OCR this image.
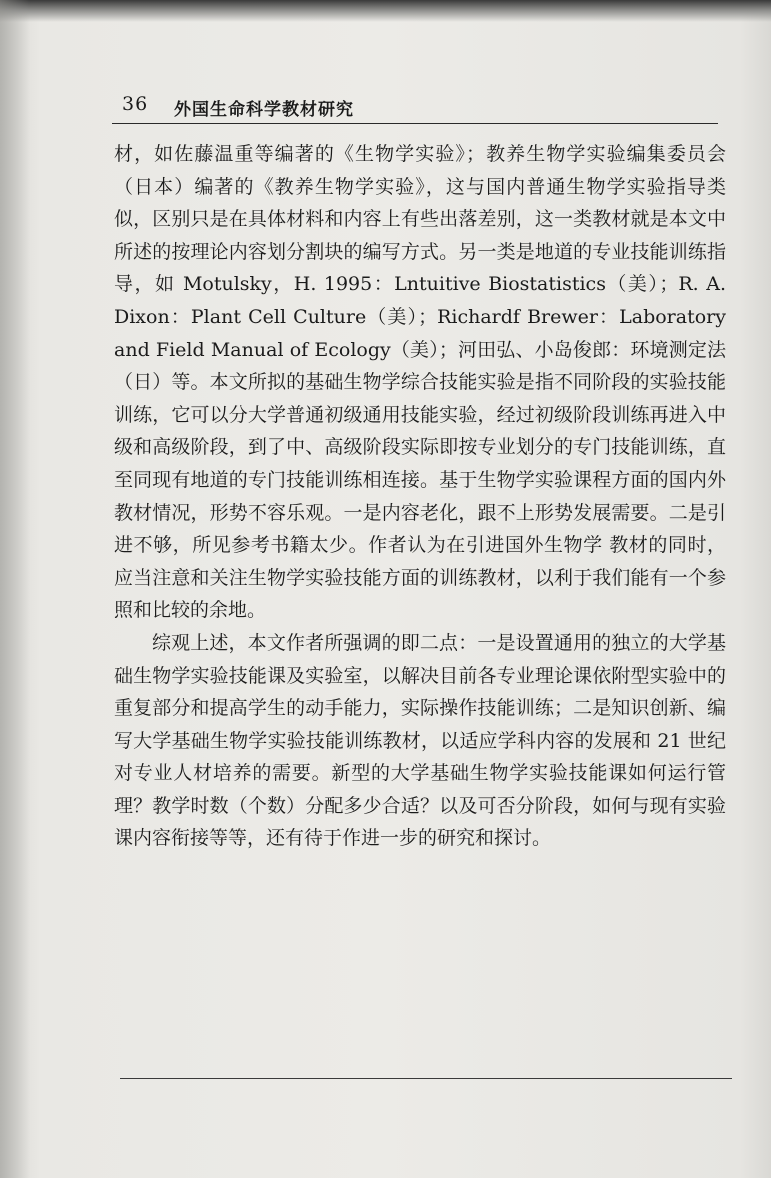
36 外国生命科学教材研究

材，如佐藤温重等编著的《生物学实验》；教养生物学实验编集委员会（日本）编著的《教养生物学实验》，这与国内普通生物学实验指导类似，区别只是在具体材料和内容上有些出落差别，这一类教材就是本文中所述的按理论内容划分割块的编写方式。另一类是地道的专业技能训练指导，如 Motulsky，H. 1995：Lntuitive Biostatistics（美）；R. A. Dixon：Plant Cell Culture（美）；Richardf Brewer：Laboratory and Field Manual of Ecology（美）；河田弘、小岛俊郎：环境测定法（日）等。本文所拟的基础生物学综合技能实验是指不同阶段的实验技能训练，它可以分大学普通初级通用技能实验，经过初级阶段训练再进入中级和高级阶段，到了中、高级阶段实际即按专业划分的专门技能训练，直至同现有地道的专门技能训练相连接。基于生物学实验课程方面的国内外教材情况，形势不容乐观。一是内容老化，跟不上形势发展需要。二是引进不够，所见参考书籍太少。作者认为在引进国外生物学 教材的同时，应当注意和关注生物学实验技能方面的训练教材，以利于我们能有一个参照和比较的余地。

综观上述，本文作者所强调的即二点：一是设置通用的独立的大学基础生物学实验技能课及实验室，以解决目前各专业理论课依附型实验中的重复部分和提高学生的动手能力，实际操作技能训练；二是知识创新、编写大学基础生物学实验技能训练教材，以适应学科内容的发展和 21 世纪对专业人材培养的需要。新型的大学基础生物学实验技能课如何运行管理？教学时数（个数）分配多少合适？以及可否分阶段，如何与现有实验课内容衔接等等，还有待于作进一步的研究和探讨。
